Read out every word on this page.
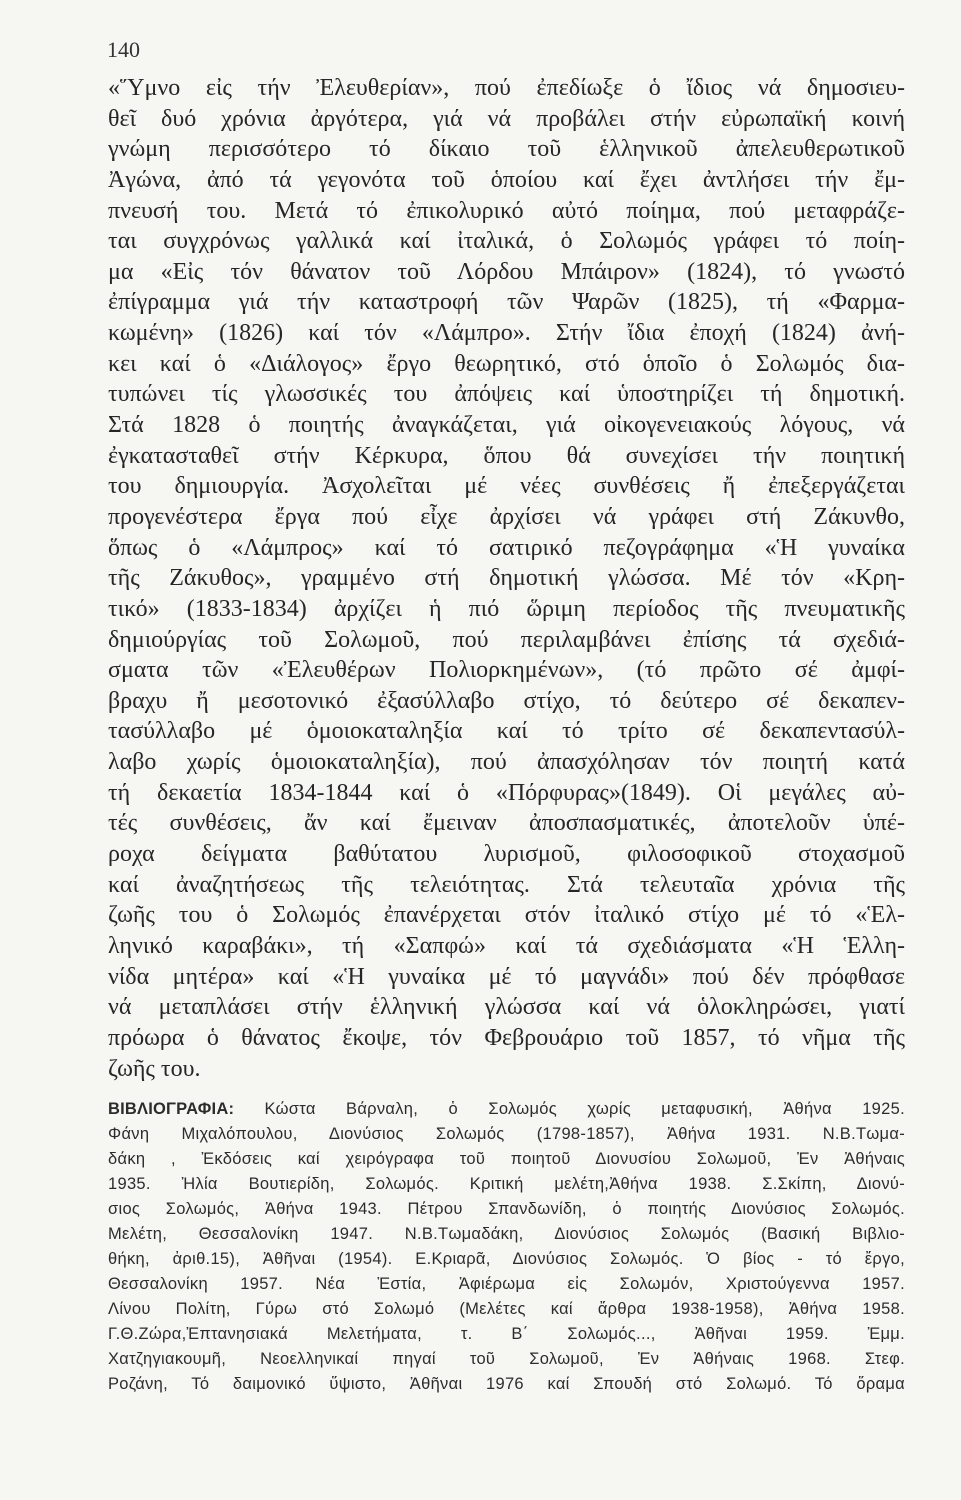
140
«Ὕμνο εἰς τήν Ἐλευθερίαν», πού ἐπεδίωξε ὁ ἴδιος νά δημοσιευ-
θεῖ δυό χρόνια ἀργότερα, γιά νά προβάλει στήν εὐρωπαϊκή κοινή
γνώμη περισσότερο τό δίκαιο τοῦ ἑλληνικοῦ ἀπελευθερωτικοῦ
Ἀγώνα, ἀπό τά γεγονότα τοῦ ὁποίου καί ἔχει ἀντλήσει τήν ἔμ-
πνευσή του. Μετά τό ἐπικολυρικό αὐτό ποίημα, πού μεταφράζε-
ται συγχρόνως γαλλικά καί ἰταλικά, ὁ Σολωμός γράφει τό ποίη-
μα «Εἰς τόν θάνατον τοῦ Λόρδου Μπάιρον» (1824), τό γνωστό
ἐπίγραμμα γιά τήν καταστροφή τῶν Ψαρῶν (1825), τή «Φαρμα-
κωμένη» (1826) καί τόν «Λάμπρο». Στήν ἴδια ἐποχή (1824) ἀνή-
κει καί ὁ «Διάλογος» ἔργο θεωρητικό, στό ὁποῖο ὁ Σολωμός δια-
τυπώνει τίς γλωσσικές του ἀπόψεις καί ὑποστηρίζει τή δημοτική.
Στά 1828 ὁ ποιητής ἀναγκάζεται, γιά οἰκογενειακούς λόγους, νά
ἐγκατασταθεῖ στήν Κέρκυρα, ὅπου θά συνεχίσει τήν ποιητική
του δημιουργία. Ἀσχολεῖται μέ νέες συνθέσεις ἤ ἐπεξεργάζεται
προγενέστερα ἔργα πού εἶχε ἀρχίσει νά γράφει στή Ζάκυνθο,
ὅπως ὁ «Λάμπρος» καί τό σατιρικό πεζογράφημα «Ἡ γυναίκα
τῆς Ζάκυθος», γραμμένο στή δημοτική γλώσσα. Μέ τόν «Κρη-
τικό» (1833-1834) ἀρχίζει ἡ πιό ὥριμη περίοδος τῆς πνευματικῆς
δημιούργίας τοῦ Σολωμοῦ, πού περιλαμβάνει ἐπίσης τά σχεδιά-
σματα τῶν «Ἐλευθέρων Πολιορκημένων», (τό πρῶτο σέ ἀμφί-
βραχυ ἤ μεσοτονικό ἐξασύλλαβο στίχο, τό δεύτερο σέ δεκαπεν-
τασύλλαβο μέ ὁμοιοκαταληξία καί τό τρίτο σέ δεκαπεντασύλ-
λαβο χωρίς ὁμοιοκαταληξία), πού ἀπασχόλησαν τόν ποιητή κατά
τή δεκαετία 1834-1844 καί ὁ «Πόρφυρας»(1849). Οἱ μεγάλες αὐ-
τές συνθέσεις, ἄν καί ἔμειναν ἀποσπασματικές, ἀποτελοῦν ὑπέ-
ροχα δείγματα βαθύτατου λυρισμοῦ, φιλοσοφικοῦ στοχασμοῦ
καί ἀναζητήσεως τῆς τελειότητας. Στά τελευταῖα χρόνια τῆς
ζωῆς του ὁ Σολωμός ἐπανέρχεται στόν ἰταλικό στίχο μέ τό «Ἑλ-
ληνικό καραβάκι», τή «Σαπφώ» καί τά σχεδιάσματα «Ἡ Ἑλλη-
νίδα μητέρα» καί «Ἡ γυναίκα μέ τό μαγνάδι» πού δέν πρόφθασε
νά μεταπλάσει στήν ἑλληνική γλώσσα καί νά ὁλοκληρώσει, γιατί
πρόωρα ὁ θάνατος ἔκοψε, τόν Φεβρουάριο τοῦ 1857, τό νῆμα τῆς
ζωῆς του.
ΒΙΒΛΙΟΓΡΑΦΙΑ: Κώστα Βάρναλη, ὁ Σολωμός χωρίς μεταφυσική, Ἀθήνα 1925.
Φάνη Μιχαλόπουλου, Διονύσιος Σολωμός (1798-1857), Ἀθήνα 1931. Ν.Β.Τωμα-
δάκη , Ἐκδόσεις καί χειρόγραφα τοῦ ποιητοῦ Διονυσίου Σολωμοῦ, Ἐν Ἀθήναις
1935. Ἠλία Βουτιερίδη, Σολωμός. Κριτική μελέτη,Ἀθήνα 1938. Σ.Σκίπη, Διονύ-
σιος Σολωμός, Ἀθήνα 1943. Πέτρου Σπανδωνίδη, ὁ ποιητής Διονύσιος Σολωμός.
Μελέτη, Θεσσαλονίκη 1947. Ν.Β.Τωμαδάκη, Διονύσιος Σολωμός (Βασική Βιβλιο-
θήκη, ἀριθ.15), Ἀθῆναι (1954). Ε.Κριαρᾶ, Διονύσιος Σολωμός. Ὁ βίος - τό ἔργο,
Θεσσαλονίκη 1957. Νέα Ἑστία, Ἀφιέρωμα εἰς Σολωμόν, Χριστούγεννα 1957.
Λίνου Πολίτη, Γύρω στό Σολωμό (Μελέτες καί ἄρθρα 1938-1958), Ἀθήνα 1958.
Γ.Θ.Ζώρα,Ἐπτανησιακά Μελετήματα, τ. Β΄ Σολωμός..., Ἀθῆναι 1959. Ἐμμ.
Χατζηγιακουμῆ, Νεοελληνικαί πηγαί τοῦ Σολωμοῦ, Ἐν Ἀθήναις 1968. Στεφ.
Ροζάνη, Τό δαιμονικό ὕψιστο, Ἀθῆναι 1976 καί Σπουδή στό Σολωμό. Τό ὅραμα
